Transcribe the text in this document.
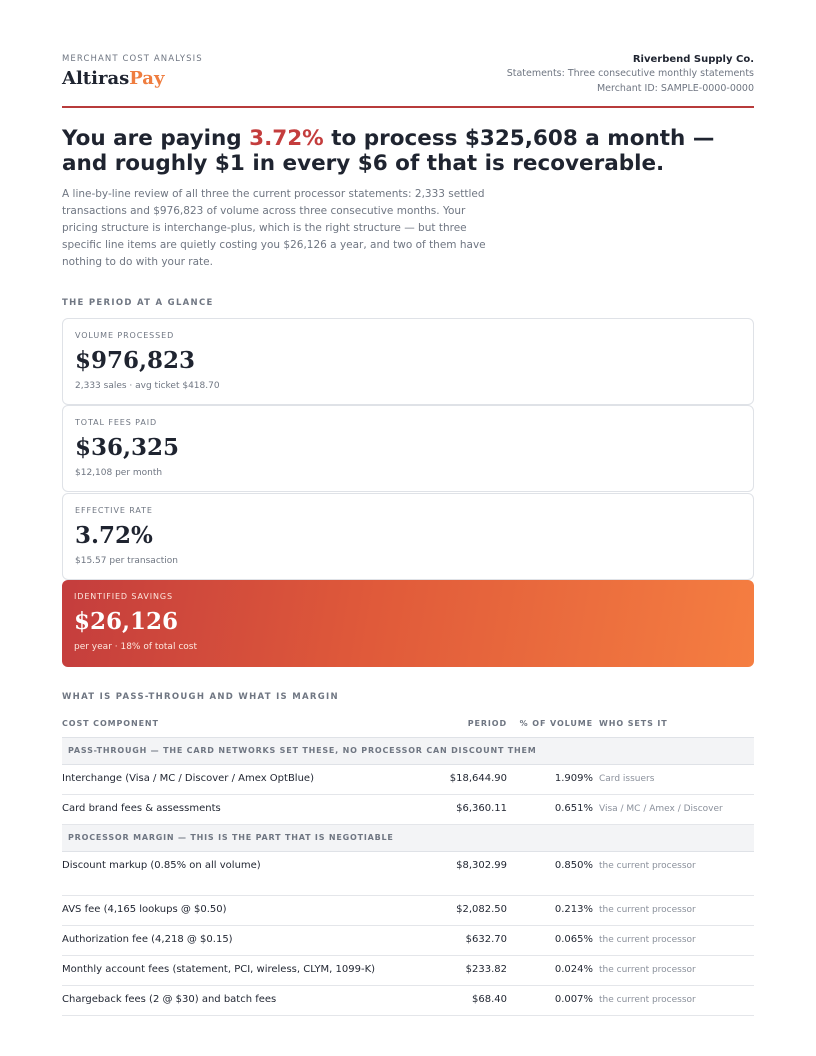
MERCHANT COST ANALYSIS
AltirasPay
Riverbend Supply Co.
Statements: Three consecutive monthly statements
Merchant ID: SAMPLE-0000-0000
You are paying 3.72% to process $325,608 a month — and roughly $1 in every $6 of that is recoverable.
A line-by-line review of all three the current processor statements: 2,333 settled transactions and $976,823 of volume across three consecutive months. Your pricing structure is interchange-plus, which is the right structure — but three specific line items are quietly costing you $26,126 a year, and two of them have nothing to do with your rate.
THE PERIOD AT A GLANCE
VOLUME PROCESSED
$976,823
2,333 sales · avg ticket $418.70
TOTAL FEES PAID
$36,325
$12,108 per month
EFFECTIVE RATE
3.72%
$15.57 per transaction
IDENTIFIED SAVINGS
$26,126
per year · 18% of total cost
WHAT IS PASS-THROUGH AND WHAT IS MARGIN
COST COMPONENT	PERIOD % OF VOLUME WHO SETS IT
PASS-THROUGH — THE CARD NETWORKS SET THESE, NO PROCESSOR CAN DISCOUNT THEM
Interchange (Visa / MC / Discover / Amex OptBlue)	$18,644.90	1.909% Card issuers
Card brand fees & assessments	$6,360.11	0.651% Visa / MC / Amex / Discover
PROCESSOR MARGIN — THIS IS THE PART THAT IS NEGOTIABLE
Discount markup (0.85% on all volume)	$8,302.99	0.850% the current processor
AVS fee (4,165 lookups @ $0.50)	$2,082.50	0.213% the current processor
Authorization fee (4,218 @ $0.15)	$632.70	0.065% the current processor
Monthly account fees (statement, PCI, wireless, CLYM, 1099-K)	$233.82	0.024% the current processor
Chargeback fees (2 @ $30) and batch fees	$68.40	0.007% the current processor
